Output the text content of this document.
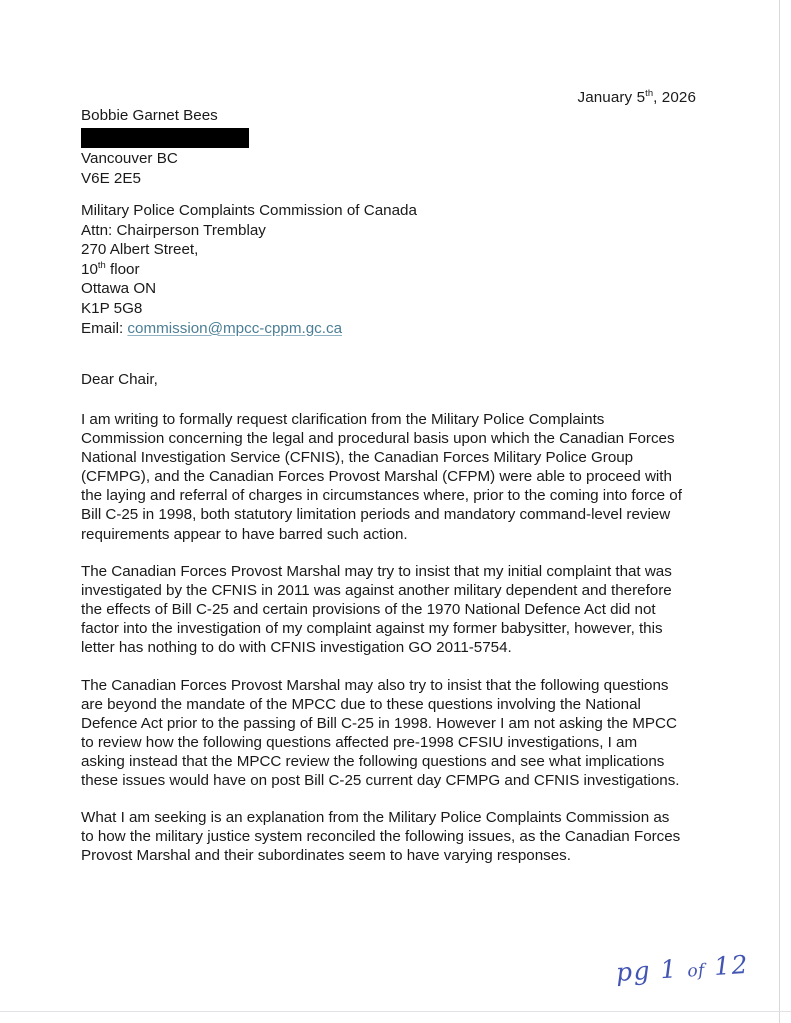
January 5th, 2026
Bobbie Garnet Bees
Vancouver BC
V6E 2E5
Military Police Complaints Commission of Canada
Attn: Chairperson Tremblay
270 Albert Street,
10th floor
Ottawa ON
K1P 5G8
Email: commission@mpcc-cppm.gc.ca
Dear Chair,
I am writing to formally request clarification from the Military Police Complaints Commission concerning the legal and procedural basis upon which the Canadian Forces National Investigation Service (CFNIS), the Canadian Forces Military Police Group (CFMPG), and the Canadian Forces Provost Marshal (CFPM) were able to proceed with the laying and referral of charges in circumstances where, prior to the coming into force of Bill C-25 in 1998, both statutory limitation periods and mandatory command-level review requirements appear to have barred such action.
The Canadian Forces Provost Marshal may try to insist that my initial complaint that was investigated by the CFNIS in 2011 was against another military dependent and therefore the effects of Bill C-25 and certain provisions of the 1970 National Defence Act did not factor into the investigation of my complaint against my former babysitter, however, this letter has nothing to do with CFNIS investigation GO 2011-5754.
The Canadian Forces Provost Marshal may also try to insist that the following questions are beyond the mandate of the MPCC due to these questions involving the National Defence Act prior to the passing of Bill C-25 in 1998. However I am not asking the MPCC to review how the following questions affected pre-1998 CFSIU investigations, I am asking instead that the MPCC review the following questions and see what implications these issues would have on post Bill C-25 current day CFMPG and CFNIS investigations.
What I am seeking is an explanation from the Military Police Complaints Commission as to how the military justice system reconciled the following issues, as the Canadian Forces Provost Marshal and their subordinates seem to have varying responses.
pg 1 of 12
